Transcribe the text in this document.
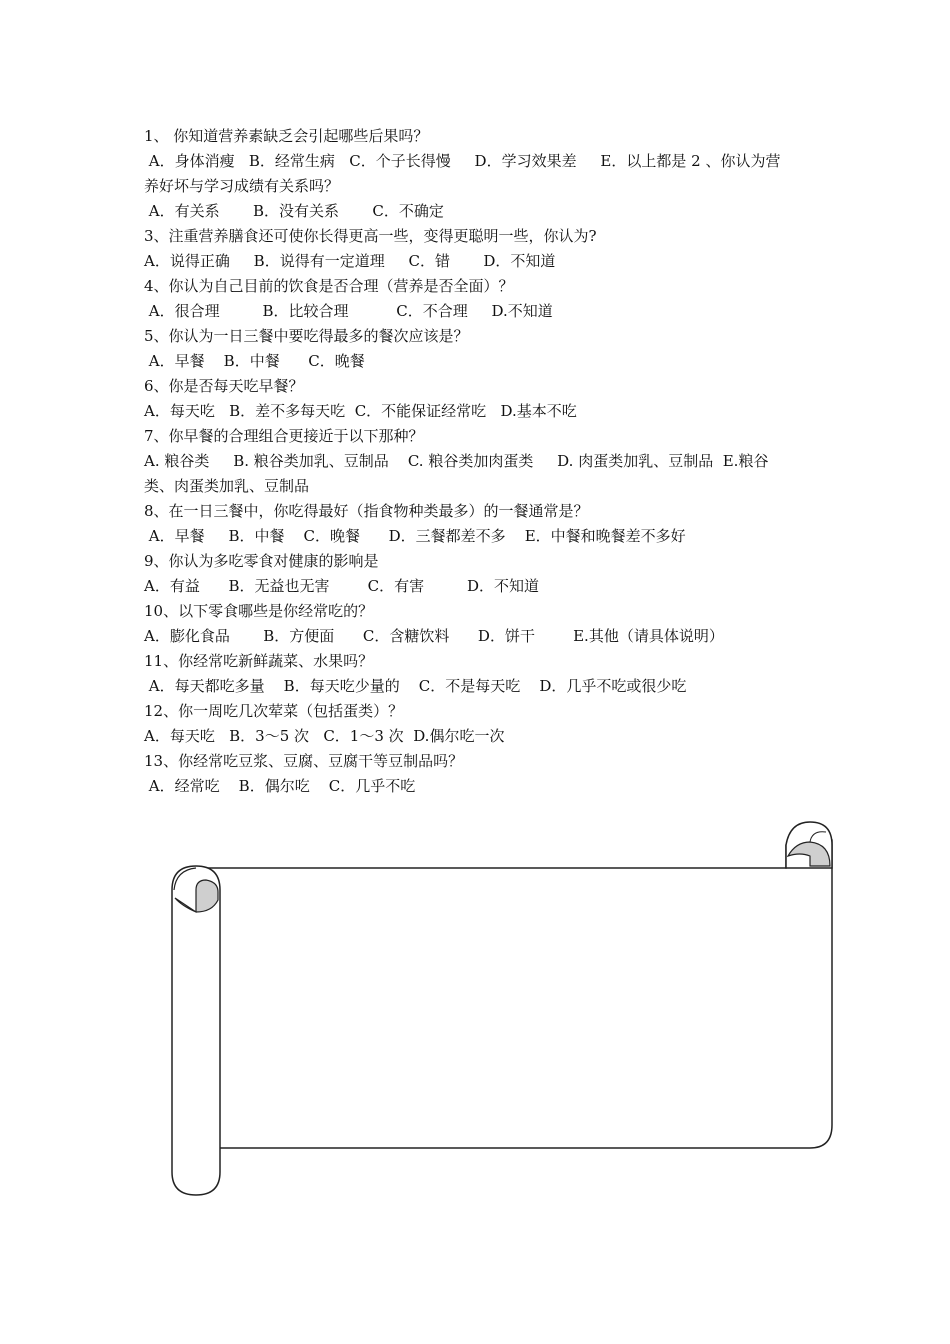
1、 你知道营养素缺乏会引起哪些后果吗？
A．身体消瘦   B．经常生病   C．个子长得慢     D．学习效果差     E．以上都是 2 、你认为营
养好坏与学习成绩有关系吗？
A．有关系       B．没有关系       C．不确定
3、注重营养膳食还可使你长得更高一些，变得更聪明一些，你认为?
A．说得正确     B．说得有一定道理     C．错       D．不知道
4、你认为自己目前的饮食是否合理（营养是否全面）？
A．很合理         B．比较合理          C．不合理     D.不知道
5、你认为一日三餐中要吃得最多的餐次应该是？
A．早餐    B．中餐      C．晚餐
6、你是否每天吃早餐？
A．每天吃   B．差不多每天吃  C．不能保证经常吃   D.基本不吃
7、你早餐的合理组合更接近于以下那种？
A. 粮谷类     B. 粮谷类加乳、豆制品    C. 粮谷类加肉蛋类     D. 肉蛋类加乳、豆制品  E.粮谷
类、肉蛋类加乳、豆制品
8、在一日三餐中，你吃得最好（指食物种类最多）的一餐通常是？
A．早餐     B．中餐    C．晚餐      D．三餐都差不多    E．中餐和晚餐差不多好
9、你认为多吃零食对健康的影响是
A．有益      B．无益也无害        C．有害         D．不知道
10、以下零食哪些是你经常吃的？
A．膨化食品       B．方便面      C．含糖饮料      D．饼干        E.其他（请具体说明）
11、你经常吃新鲜蔬菜、水果吗？
A．每天都吃多量    B．每天吃少量的    C．不是每天吃    D．几乎不吃或很少吃
12、你一周吃几次荤菜（包括蛋类）？
A．每天吃   B．3～5 次   C．1～3 次  D.偶尔吃一次
13、你经常吃豆浆、豆腐、豆腐干等豆制品吗？
A．经常吃    B．偶尔吃    C．几乎不吃
